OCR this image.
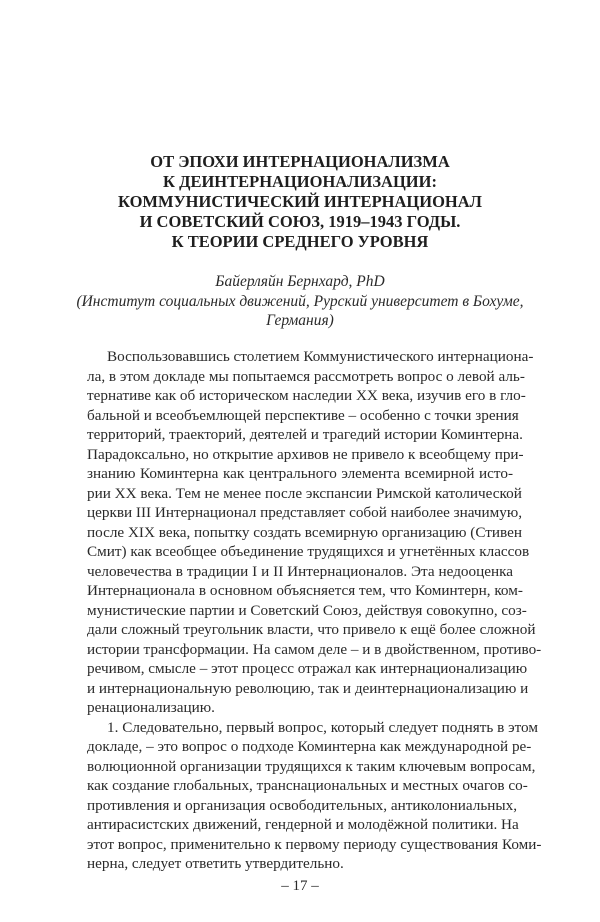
ОТ ЭПОХИ ИНТЕРНАЦИОНАЛИЗМА
К ДЕИНТЕРНАЦИОНАЛИЗАЦИИ:
КОММУНИСТИЧЕСКИЙ ИНТЕРНАЦИОНАЛ
И СОВЕТСКИЙ СОЮЗ, 1919–1943 ГОДЫ.
К ТЕОРИИ СРЕДНЕГО УРОВНЯ
Байерляйн Бернхард, PhD
(Институт социальных движений, Рурский университет в Бохуме,
Германия)
Воспользовавшись столетием Коммунистического интернациона-
ла, в этом докладе мы попытаемся рассмотреть вопрос о левой аль-
тернативе как об историческом наследии XX века, изучив его в гло-
бальной и всеобъемлющей перспективе – особенно с точки зрения
территорий, траекторий, деятелей и трагедий истории Коминтерна.
Парадоксально, но открытие архивов не привело к всеобщему при-
знанию Коминтерна как центрального элемента всемирной исто-
рии XX века. Тем не менее после экспансии Римской католической
церкви III Интернационал представляет собой наиболее значимую,
после XIX века, попытку создать всемирную организацию (Стивен
Смит) как всеобщее объединение трудящихся и угнетённых классов
человечества в традиции I и II Интернационалов. Эта недооценка
Интернационала в основном объясняется тем, что Коминтерн, ком-
мунистические партии и Советский Союз, действуя совокупно, соз-
дали сложный треугольник власти, что привело к ещё более сложной
истории трансформации. На самом деле – и в двойственном, противо-
речивом, смысле – этот процесс отражал как интернационализацию
и интернациональную революцию, так и деинтернационализацию и
ренационализацию.
1. Следовательно, первый вопрос, который следует поднять в этом
докладе, – это вопрос о подходе Коминтерна как международной ре-
волюционной организации трудящихся к таким ключевым вопросам,
как создание глобальных, транснациональных и местных очагов со-
противления и организация освободительных, антиколониальных,
антирасистских движений, гендерной и молодёжной политики. На
этот вопрос, применительно к первому периоду существования Коми-
нерна, следует ответить утвердительно.
– 17 –
